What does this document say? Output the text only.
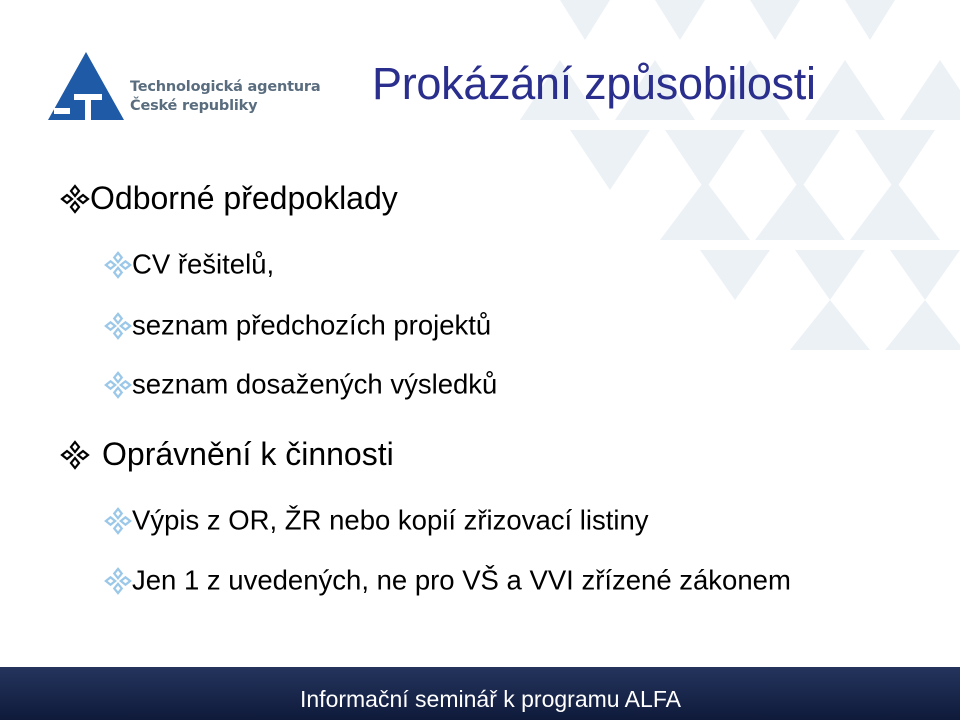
Technologická agentura
České republiky	Prokázání způsobilosti
Odborné předpoklady
CV řešitelů,
seznam předchozích projektů
seznam dosažených výsledků
Oprávnění k činnosti
Výpis z OR, ŽR nebo kopií zřizovací listiny
Jen 1 z uvedených, ne pro VŠ a VVI zřízené zákonem
Informační seminář k programu ALFA
